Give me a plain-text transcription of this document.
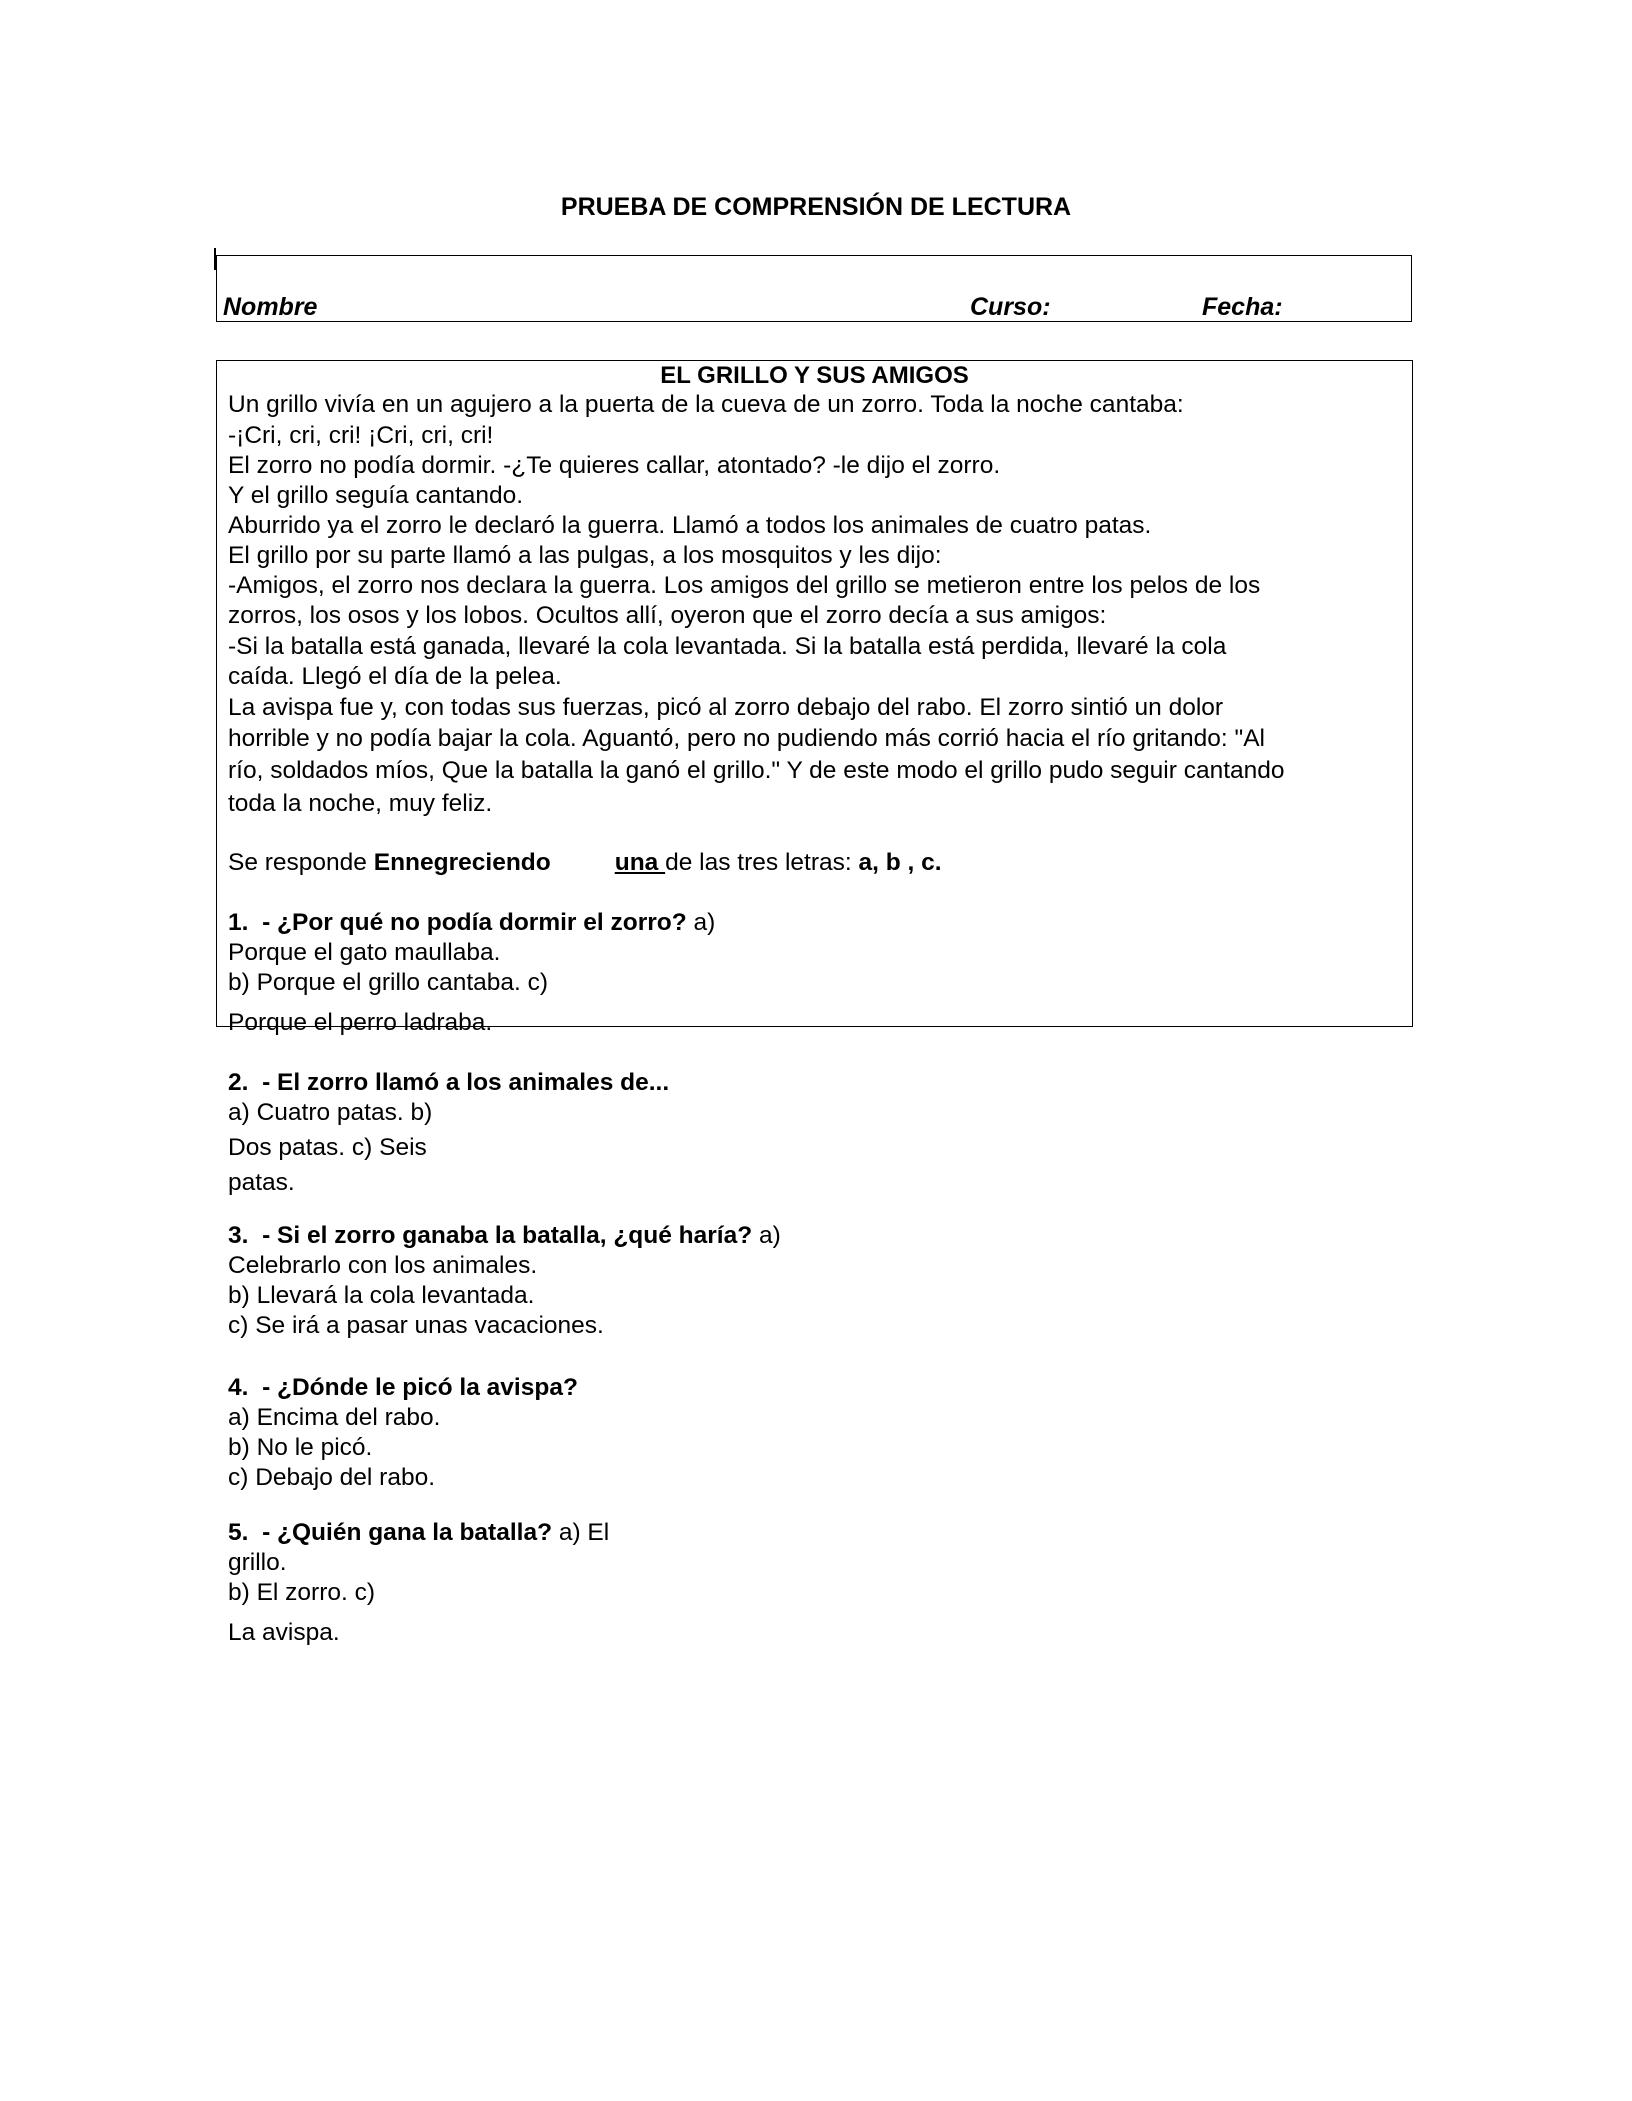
PRUEBA DE COMPRENSIÓN DE LECTURA
Nombre	Curso:	Fecha:
EL GRILLO Y SUS AMIGOS
Un grillo vivía en un agujero a la puerta de la cueva de un zorro. Toda la noche cantaba:
-¡Cri, cri, cri! ¡Cri, cri, cri!
El zorro no podía dormir. -¿Te quieres callar, atontado? -le dijo el zorro.
Y el grillo seguía cantando.
Aburrido ya el zorro le declaró la guerra. Llamó a todos los animales de cuatro patas.
El grillo por su parte llamó a las pulgas, a los mosquitos y les dijo:
-Amigos, el zorro nos declara la guerra. Los amigos del grillo se metieron entre los pelos de los
zorros, los osos y los lobos. Ocultos allí, oyeron que el zorro decía a sus amigos:
-Si la batalla está ganada, llevaré la cola levantada. Si la batalla está perdida, llevaré la cola
caída. Llegó el día de la pelea.
La avispa fue y, con todas sus fuerzas, picó al zorro debajo del rabo. El zorro sintió un dolor
horrible y no podía bajar la cola. Aguantó, pero no pudiendo más corrió hacia el río gritando: "Al
río, soldados míos, Que la batalla la ganó el grillo." Y de este modo el grillo pudo seguir cantando
toda la noche, muy feliz.
Se responde Ennegreciendo	una de las tres letras: a, b , c.
1. - ¿Por qué no podía dormir el zorro? a)
Porque el gato maullaba.
b) Porque el grillo cantaba. c)
Porque el perro ladraba.
2. - El zorro llamó a los animales de...
a) Cuatro patas. b)
Dos patas. c) Seis
patas.
3. - Si el zorro ganaba la batalla, ¿qué haría? a)
Celebrarlo con los animales.
b) Llevará la cola levantada.
c) Se irá a pasar unas vacaciones.
4. - ¿Dónde le picó la avispa?
a) Encima del rabo.
b) No le picó.
c) Debajo del rabo.
5. - ¿Quién gana la batalla? a) El
grillo.
b) El zorro. c)
La avispa.
